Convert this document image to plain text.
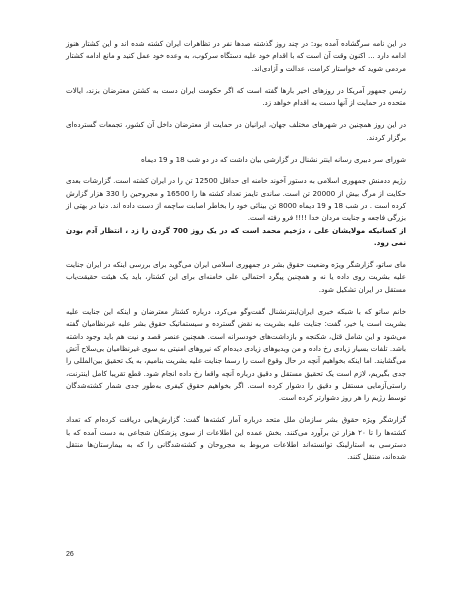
در این نامه سرگشاده آمده بود: در چند روز گذشته صدها نفر در تظاهرات ایران کشته شده اند و این کشتار هنوز ادامه دارد ... اکنون وقت آن است که با اقدام خود علیه دستگاه سرکوب، به وعده خود عمل کنید و مانع ادامه کشتار مردمی شوید که خواستار کرامت، عدالت و آزادی‌اند.

رئیس جمهور آمریکا در روزهای اخیر بارها گفته است که اگر حکومت ایران دست به کشتن معترضان بزند، ایالات متحده در حمایت از آنها دست به اقدام خواهد زد.

در این روز همچنین در شهرهای مختلف جهان، ایرانیان در حمایت از معترضان داخل آن کشور، تجمعات گسترده‌ای برگزار کردند.

شورای سر دبیری رسانه اینتر نشنال در گزارشی بیان داشت که در دو شب 18 و 19 دیماه

رژیم ددمنش جمهوری اسلامی به دستور آخوند خامنه ای حداقل 12500 تن را در ایران کشته است. گزارشات بعدی حکایت از مرگ بیش از 20000 تن است. ساندی تایمز تعداد کشته ها را 16500 و مجروحین را 330 هزار گزارش کرده است . در شب 18 و 19 دیماه 8000 تن بینائی خود را بخاطر اصابت ساچمه از دست داده اند. دنیا در بهتی از بزرگی فاجعه و جنایت مردان خدا !!!! فرو رفته است.
از کسانیکه مولایشان علی ، دژخیم محمد است که در یک روز 700 گردن را زد ، انتظار آدم بودن نمی رود.

مای ساتو، گزارشگر ویژه وضعیت حقوق بشر در جمهوری اسلامی ایران می‌گوید برای بررسی اینکه در ایران جنایت علیه بشریت روی داده یا نه و همچنین پیگرد احتمالی علی خامنه‌ای برای این کشتار، باید یک هیئت حقیقت‌یاب مستقل در ایران تشکیل شود.

خانم ساتو که با شبکه خبری ایران‌اینترنشنال گفت‌وگو می‌کرد، درباره کشتار معترضان و اینکه این جنایت علیه بشریت است یا خیر، گفت: جنایت علیه بشریت به نقض گسترده و سیستماتیک حقوق بشر علیه غیرنظامیان گفته می‌شود و این شامل قتل، شکنجه و بازداشت‌های خودسرانه است. همچنین عنصر قصد و نیت هم باید وجود داشته باشد. تلفات بسیار زیادی رخ داده و من ویدیوهای زیادی دیده‌ام که نیروهای امنیتی به سوی غیرنظامیان بی‌سلاح آتش می‌گشایند. اما اینکه بخواهیم آنچه در حال وقوع است را رسما جنایت علیه بشریت بنامیم، به یک تحقیق بین‌المللی را جدی بگیریم، لازم است یک تحقیق مستقل و دقیق درباره آنچه واقعا رخ داده انجام شود. قطع تقریبا کامل اینترنت، راستی‌آزمایی مستقل و دقیق را دشوار کرده است. اگر بخواهیم حقوق کیفری به‌طور جدی شمار کشته‌شدگان توسط رژیم را هر روز دشوارتر کرده است.

گزارشگر ویژه حقوق بشر سازمان ملل متحد درباره آمار کشته‌ها گفت: گزارش‌هایی دریافت کرده‌ام که تعداد کشته‌ها را تا ۲۰ هزار تن برآورد می‌کنند. بخش عمده این اطلاعات از سوی پزشکان شجاعی به دست آمده که با دسترسی به استارلینک توانسته‌اند اطلاعات مربوط به مجروحان و کشته‌شدگانی را که به بیمارستان‌ها منتقل شده‌اند، منتقل کنند.

26
